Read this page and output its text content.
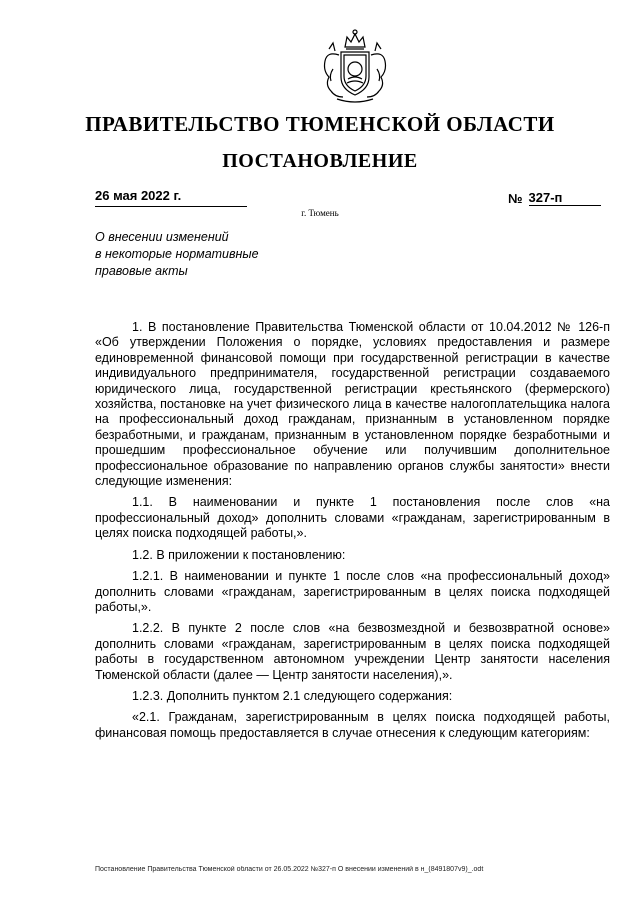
ПРАВИТЕЛЬСТВО ТЮМЕНСКОЙ ОБЛАСТИ
ПОСТАНОВЛЕНИЕ
26 мая 2022 г.	№ 327-п
г. Тюмень
О внесении изменений
в некоторые нормативные
правовые акты

1. В постановление Правительства Тюменской области от 10.04.2012 № 126-п «Об утверждении Положения о порядке, условиях предоставления и размере единовременной финансовой помощи при государственной регистрации в качестве индивидуального предпринимателя, государственной регистрации создаваемого юридического лица, государственной регистрации крестьянского (фермерского) хозяйства, постановке на учет физического лица в качестве налогоплательщика налога на профессиональный доход гражданам, признанным в установленном порядке безработными, и гражданам, признанным в установленном порядке безработными и прошедшим профессиональное обучение или получившим дополнительное профессиональное образование по направлению органов службы занятости» внести следующие изменения:

1.1. В наименовании и пункте 1 постановления после слов «на профессиональный доход» дополнить словами «гражданам, зарегистрированным в целях поиска подходящей работы,».

1.2. В приложении к постановлению:

1.2.1. В наименовании и пункте 1 после слов «на профессиональный доход» дополнить словами «гражданам, зарегистрированным в целях поиска подходящей работы,».

1.2.2. В пункте 2 после слов «на безвозмездной и безвозвратной основе» дополнить словами «гражданам, зарегистрированным в целях поиска подходящей работы в государственном автономном учреждении Центр занятости населения Тюменской области (далее — Центр занятости населения),».

1.2.3. Дополнить пунктом 2.1 следующего содержания:

«2.1. Гражданам, зарегистрированным в целях поиска подходящей работы, финансовая помощь предоставляется в случае отнесения к следующим категориям:

Постановление Правительства Тюменской области от 26.05.2022 №327-п О внесении изменений в н_(8491807v9)_.odt
